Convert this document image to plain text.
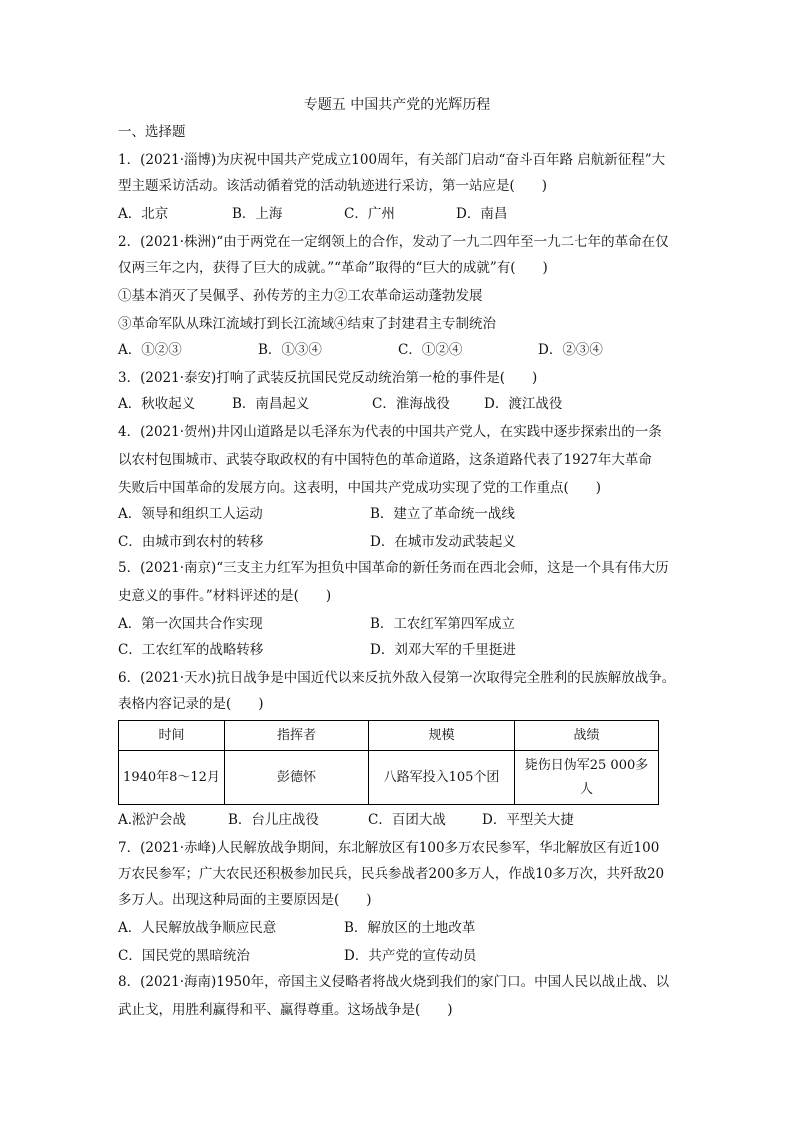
专题五 中国共产党的光辉历程
一、选择题
1．(2021·淄博)为庆祝中国共产党成立100周年，有关部门启动“奋斗百年路 启航新征程”大
型主题采访活动。该活动循着党的活动轨迹进行采访，第一站应是(　　)
A．北京	B．上海	C．广州	D．南昌
2．(2021·株洲)“由于两党在一定纲领上的合作，发动了一九二四年至一九二七年的革命在仅
仅两三年之内，获得了巨大的成就。”“革命”取得的“巨大的成就”有(　　)
①基本消灭了吴佩孚、孙传芳的主力②工农革命运动蓬勃发展
③革命军队从珠江流域打到长江流域④结束了封建君主专制统治
A．①②③	B．①③④	C．①②④	D．②③④
3．(2021·泰安)打响了武装反抗国民党反动统治第一枪的事件是(　　)
A．秋收起义	B．南昌起义	C．淮海战役	D．渡江战役
4．(2021·贺州)井冈山道路是以毛泽东为代表的中国共产党人，在实践中逐步探索出的一条
以农村包围城市、武装夺取政权的有中国特色的革命道路，这条道路代表了1927年大革命
失败后中国革命的发展方向。这表明，中国共产党成功实现了党的工作重点(　　)
A．领导和组织工人运动	B．建立了革命统一战线
C．由城市到农村的转移	D．在城市发动武装起义
5．(2021·南京)“三支主力红军为担负中国革命的新任务而在西北会师，这是一个具有伟大历
史意义的事件。”材料评述的是(　　)
A．第一次国共合作实现	B．工农红军第四军成立
C．工农红军的战略转移	D．刘邓大军的千里挺进
6．(2021·天水)抗日战争是中国近代以来反抗外敌入侵第一次取得完全胜利的民族解放战争。
表格内容记录的是(　　)
时间	指挥者	规模	战绩
1940年8～12月	彭德怀	八路军投入105个团	毙伤日伪军25 000多人
A.淞沪会战	B．台儿庄战役	C．百团大战	D．平型关大捷
7．(2021·赤峰)人民解放战争期间，东北解放区有100多万农民参军，华北解放区有近100
万农民参军；广大农民还积极参加民兵，民兵参战者200多万人，作战10多万次，共歼敌20
多万人。出现这种局面的主要原因是(　　)
A．人民解放战争顺应民意	B．解放区的土地改革
C．国民党的黑暗统治	D．共产党的宣传动员
8．(2021·海南)1950年，帝国主义侵略者将战火烧到我们的家门口。中国人民以战止战、以
武止戈，用胜利赢得和平、赢得尊重。这场战争是(　　)
